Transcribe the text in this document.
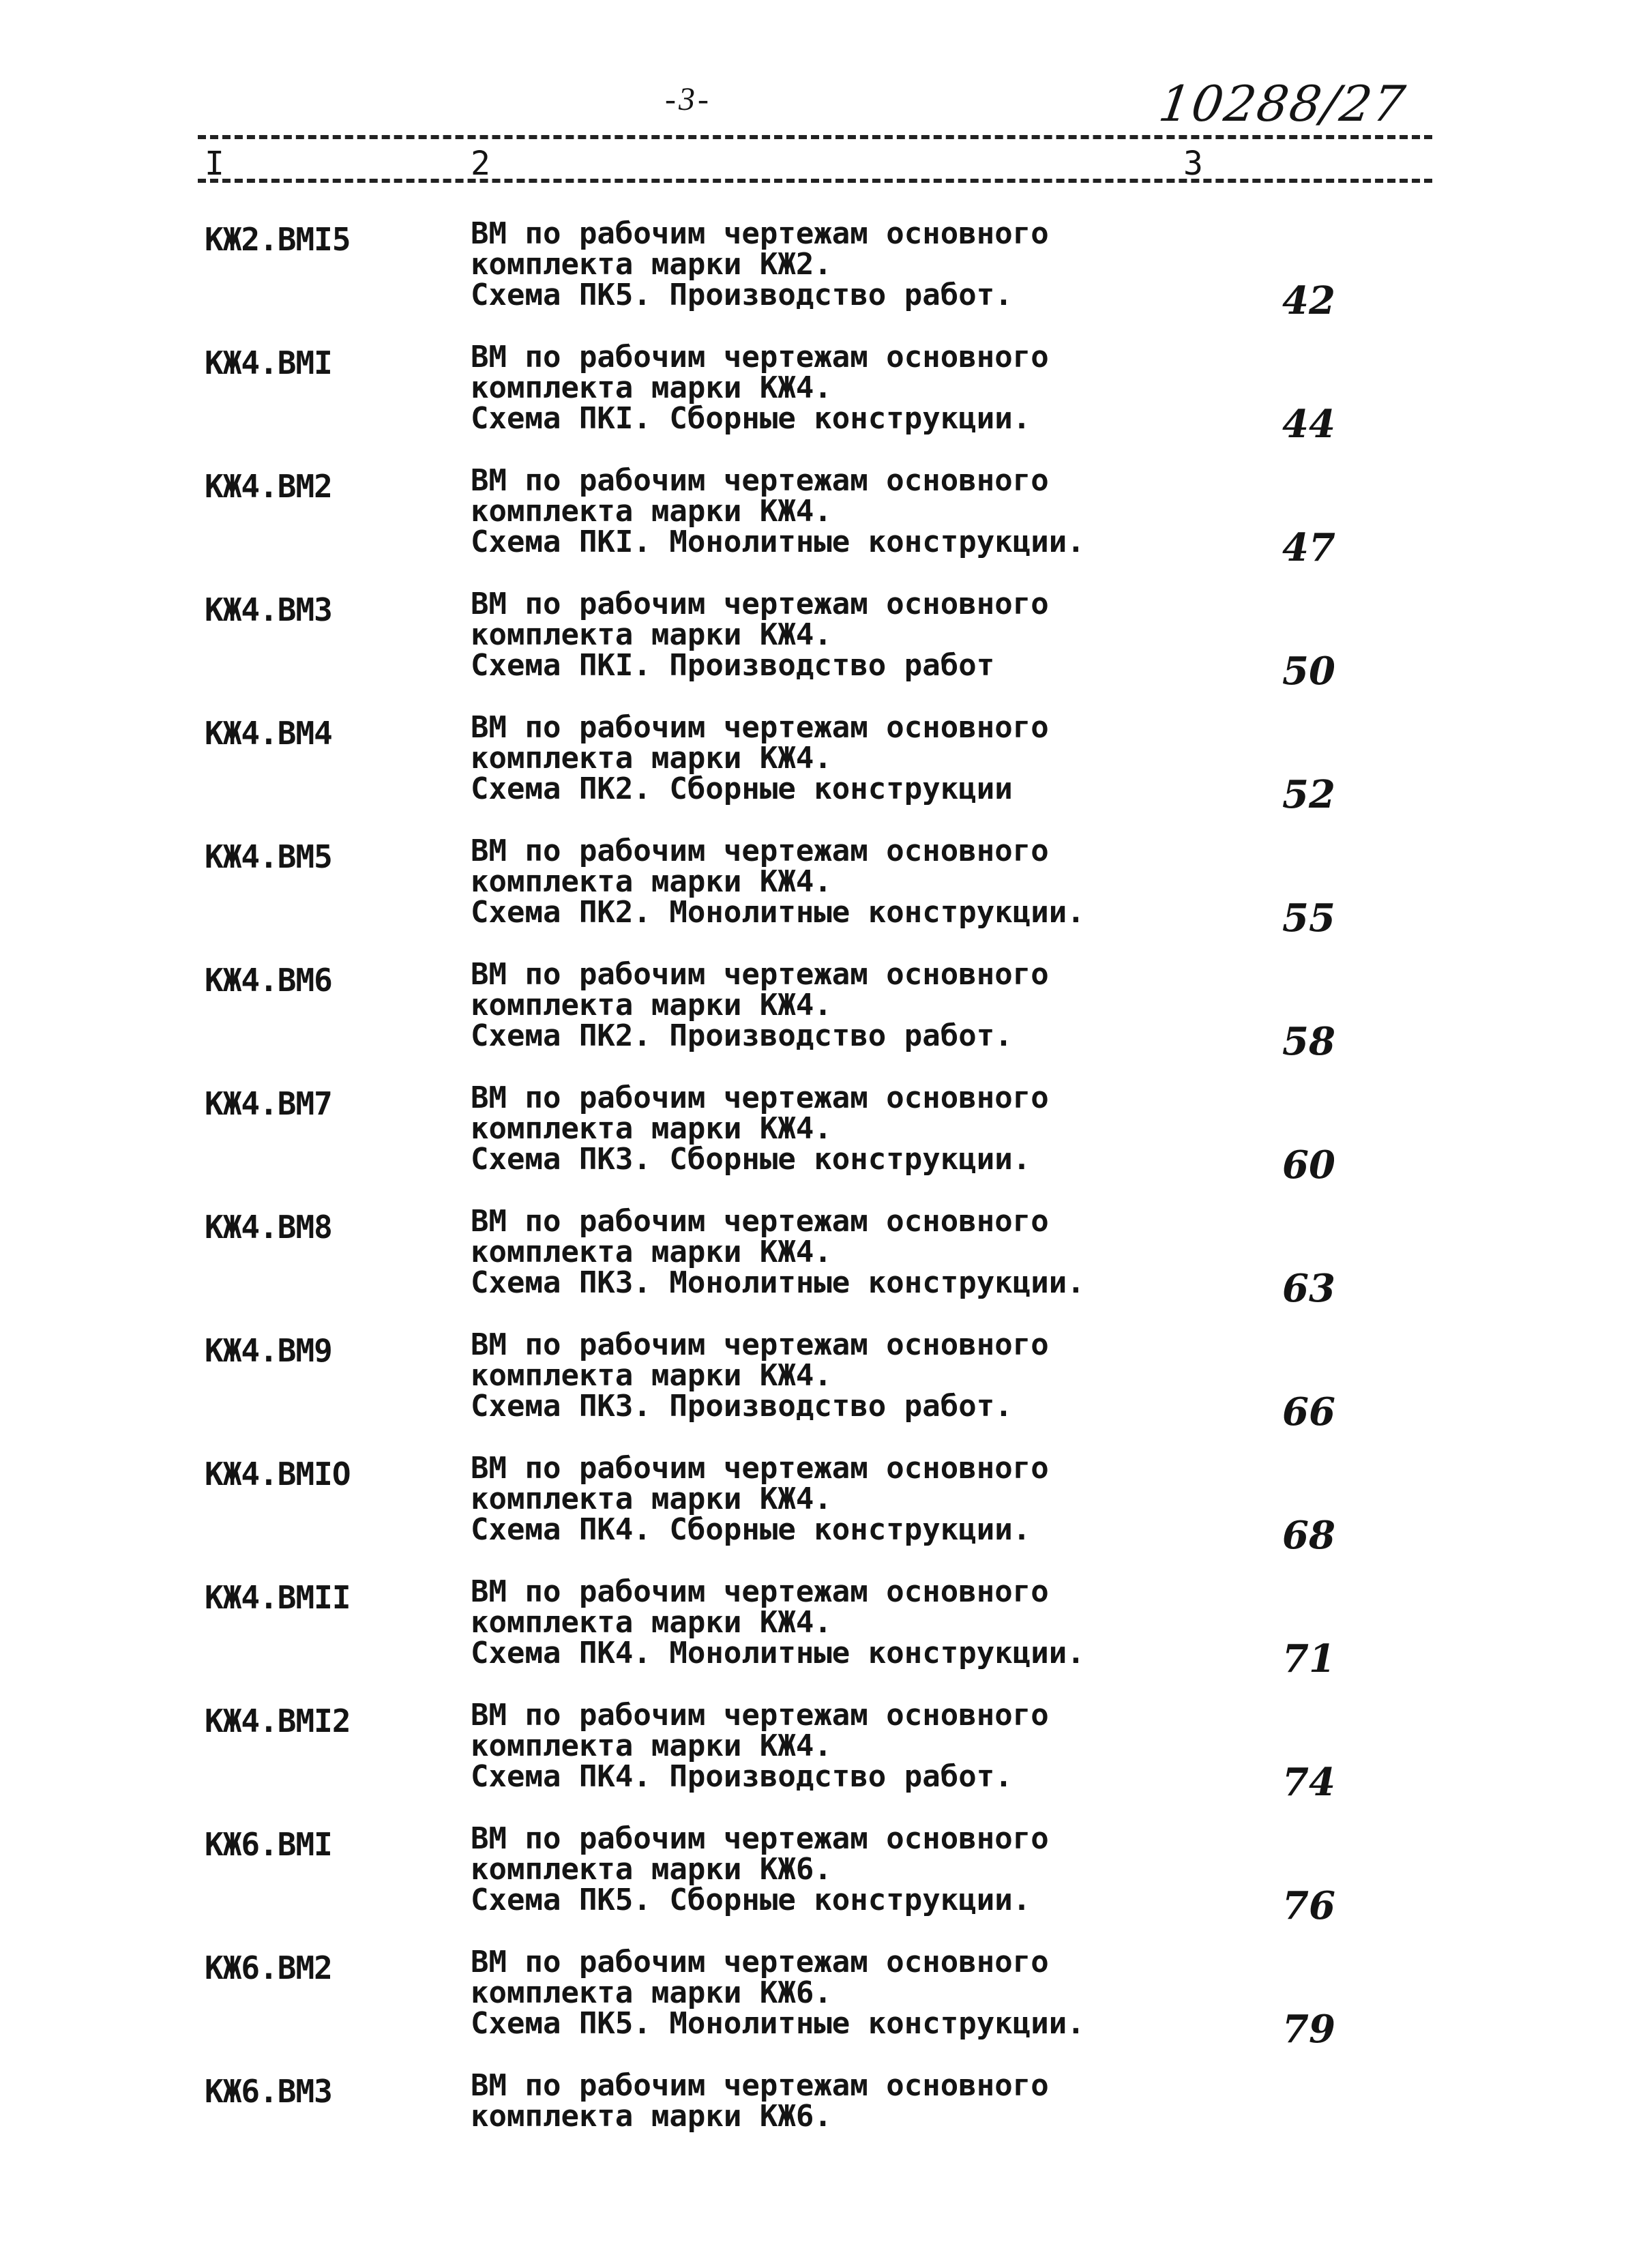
-3-	10288/27
I	2	3
КЖ2.ВМI5	ВМ по рабочим чертежам основного
комплекта марки КЖ2.
Схема ПК5. Производство работ.	42
КЖ4.ВМI	ВМ по рабочим чертежам основного
комплекта марки КЖ4.
Схема ПКI. Сборные конструкции.	44
КЖ4.ВМ2	ВМ по рабочим чертежам основного
комплекта марки КЖ4.
Схема ПКI. Монолитные конструкции.	47
КЖ4.ВМ3	ВМ по рабочим чертежам основного
комплекта марки КЖ4.
Схема ПКI. Производство работ	50
КЖ4.ВМ4	ВМ по рабочим чертежам основного
комплекта марки КЖ4.
Схема ПК2. Сборные конструкции	52
КЖ4.ВМ5	ВМ по рабочим чертежам основного
комплекта марки КЖ4.
Схема ПК2. Монолитные конструкции.	55
КЖ4.ВМ6	ВМ по рабочим чертежам основного
комплекта марки КЖ4.
Схема ПК2. Производство работ.	58
КЖ4.ВМ7	ВМ по рабочим чертежам основного
комплекта марки КЖ4.
Схема ПК3. Сборные конструкции.	60
КЖ4.ВМ8	ВМ по рабочим чертежам основного
комплекта марки КЖ4.
Схема ПК3. Монолитные конструкции.	63
КЖ4.ВМ9	ВМ по рабочим чертежам основного
комплекта марки КЖ4.
Схема ПК3. Производство работ.	66
КЖ4.ВМIO	ВМ по рабочим чертежам основного
комплекта марки КЖ4.
Схема ПК4. Сборные конструкции.	68
КЖ4.ВМII	ВМ по рабочим чертежам основного
комплекта марки КЖ4.
Схема ПК4. Монолитные конструкции.	71
КЖ4.ВМI2	ВМ по рабочим чертежам основного
комплекта марки КЖ4.
Схема ПК4. Производство работ.	74
КЖ6.ВМI	ВМ по рабочим чертежам основного
комплекта марки КЖ6.
Схема ПК5. Сборные конструкции.	76
КЖ6.ВМ2	ВМ по рабочим чертежам основного
комплекта марки КЖ6.
Схема ПК5. Монолитные конструкции.	79
КЖ6.ВМ3	ВМ по рабочим чертежам основного
комплекта марки КЖ6.
